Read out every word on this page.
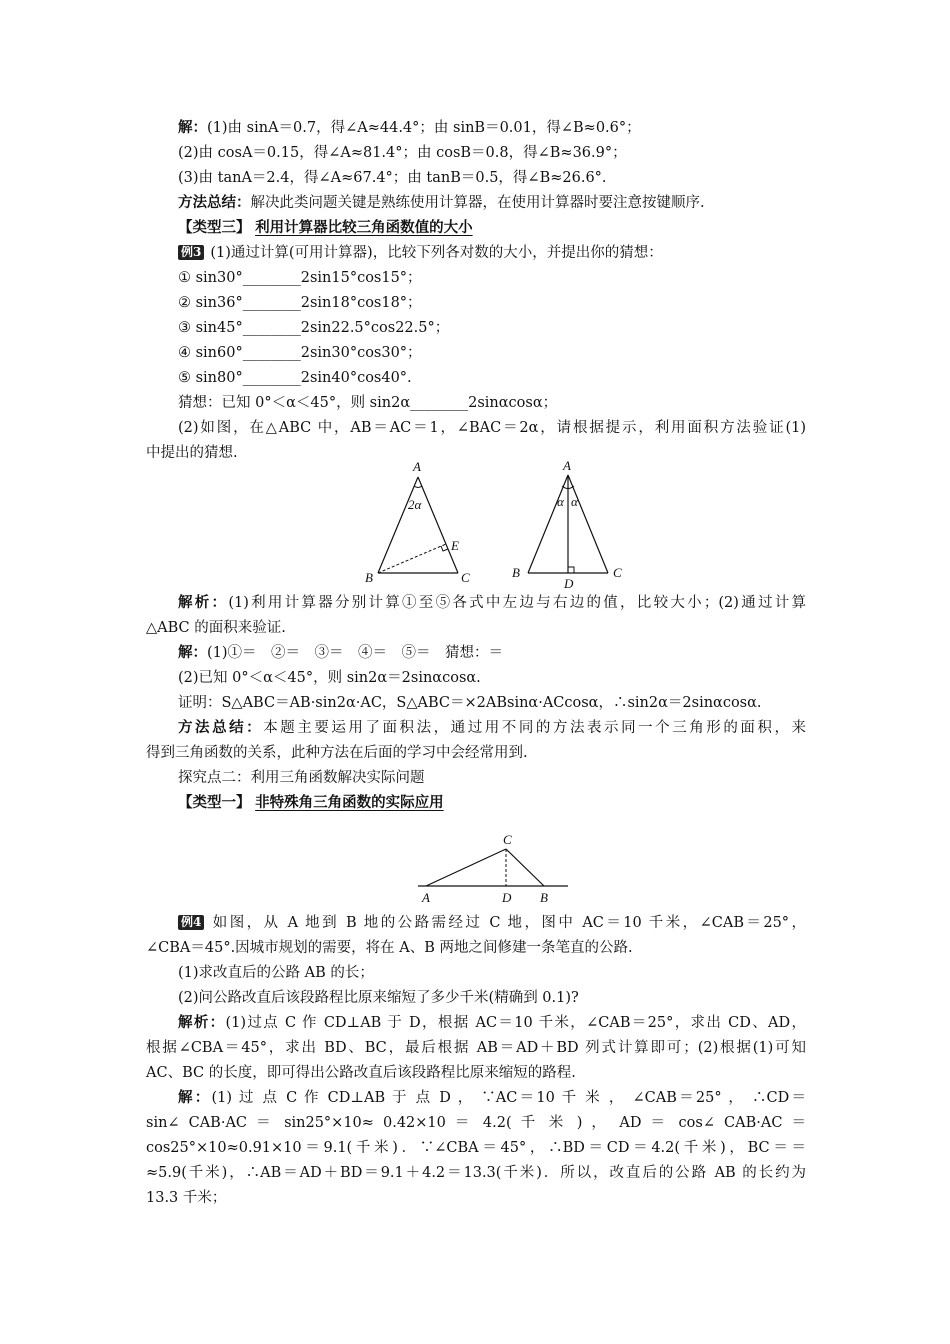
解：(1)由 sinA＝0.7，得∠A≈44.4°；由 sinB＝0.01，得∠B≈0.6°；
(2)由 cosA＝0.15，得∠A≈81.4°；由 cosB＝0.8，得∠B≈36.9°；
(3)由 tanA＝2.4，得∠A≈67.4°；由 tanB＝0.5，得∠B≈26.6°.
方法总结：解决此类问题关键是熟练使用计算器，在使用计算器时要注意按键顺序.
【类型三】 利用计算器比较三角函数值的大小
例3 (1)通过计算(可用计算器)，比较下列各对数的大小，并提出你的猜想：
① sin30°________2sin15°cos15°；
② sin36°________2sin18°cos18°；
③ sin45°________2sin22.5°cos22.5°；
④ sin60°________2sin30°cos30°；
⑤ sin80°________2sin40°cos40°.
猜想：已知 0°＜α＜45°，则 sin2α________2sinαcosα；
(2)如图，在△ABC 中，AB＝AC＝1，∠BAC＝2α，请根据提示，利用面积方法验证(1)
中提出的猜想.
A
B	C
E
2α
A
B	C
D
α α
解析：(1)利用计算器分别计算①至⑤各式中左边与右边的值，比较大小；(2)通过计算
△ABC 的面积来验证.
解：(1)①＝　②＝　③＝　④＝　⑤＝　猜想：＝
(2)已知 0°＜α＜45°，则 sin2α＝2sinαcosα.
证明：S△ABC＝AB·sin2α·AC，S△ABC＝×2ABsinα·ACcosα，∴sin2α＝2sinαcosα.
方法总结：本题主要运用了面积法，通过用不同的方法表示同一个三角形的面积，来
得到三角函数的关系，此种方法在后面的学习中会经常用到.
探究点二：利用三角函数解决实际问题
【类型一】 非特殊角三角函数的实际应用
C
A	D B
例4 如图，从 A 地到 B 地的公路需经过 C 地，图中 AC＝10 千米，∠CAB＝25°，
∠CBA＝45°.因城市规划的需要，将在 A、B 两地之间修建一条笔直的公路.
(1)求改直后的公路 AB 的长；
(2)问公路改直后该段路程比原来缩短了多少千米(精确到 0.1)?
解析：(1)过点 C 作 CD⊥AB 于 D，根据 AC＝10 千米，∠CAB＝25°，求出 CD、AD，
根据∠CBA＝45°，求出 BD、BC，最后根据 AB＝AD＋BD 列式计算即可；(2)根据(1)可知
AC、BC 的长度，即可得出公路改直后该段路程比原来缩短的路程.
解：(1) 过 点 C 作 CD⊥AB 于 点 D ， ∵AC＝10 千 米 ， ∠CAB＝25° ， ∴CD＝
sin∠ CAB·AC ＝ sin25°×10≈ 0.42×10 ＝ 4.2( 千 米 ) ， AD ＝ cos∠ CAB·AC ＝
cos25°×10≈0.91×10＝9.1(千米)．∵∠CBA＝45°，∴BD＝CD＝4.2(千米)，BC＝＝
≈5.9(千米)，∴AB＝AD＋BD＝9.1＋4.2＝13.3(千米)．所以，改直后的公路 AB 的长约为
13.3 千米；
